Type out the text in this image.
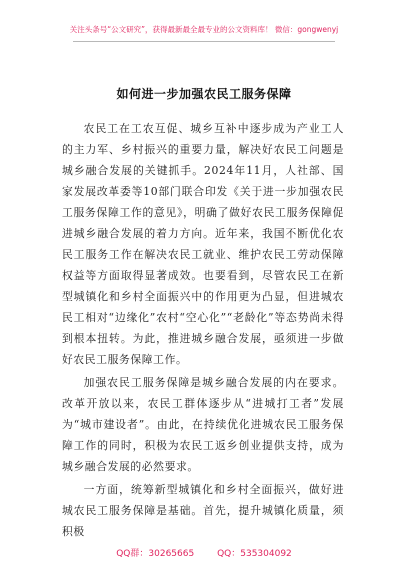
关注头条号“公文研究”，获得最新最全最专业的公文资料库！ 微信：gongwenyj
如何进一步加强农民工服务保障

农民工在工农互促、城乡互补中逐步成为产业工人的主力军、乡村振兴的重要力量，解决好农民工问题是城乡融合发展的关键抓手。2024年11月，人社部、国家发展改革委等10部门联合印发《关于进一步加强农民工服务保障工作的意见》，明确了做好农民工服务保障促进城乡融合发展的着力方向。近年来，我国不断优化农民工服务工作在解决农民工就业、维护农民工劳动保障权益等方面取得显著成效。也要看到，尽管农民工在新型城镇化和乡村全面振兴中的作用更为凸显，但进城农民工相对“边缘化”农村“空心化”“老龄化”等态势尚未得到根本扭转。为此，推进城乡融合发展，亟须进一步做好农民工服务保障工作。

加强农民工服务保障是城乡融合发展的内在要求。改革开放以来，农民工群体逐步从“进城打工者”发展为“城市建设者”。由此，在持续优化进城农民工服务保障工作的同时，积极为农民工返乡创业提供支持，成为城乡融合发展的必然要求。

一方面，统筹新型城镇化和乡村全面振兴，做好进城农民工服务保障是基础。首先，提升城镇化质量，须积极

QQ群：30265665	QQ：535304092
